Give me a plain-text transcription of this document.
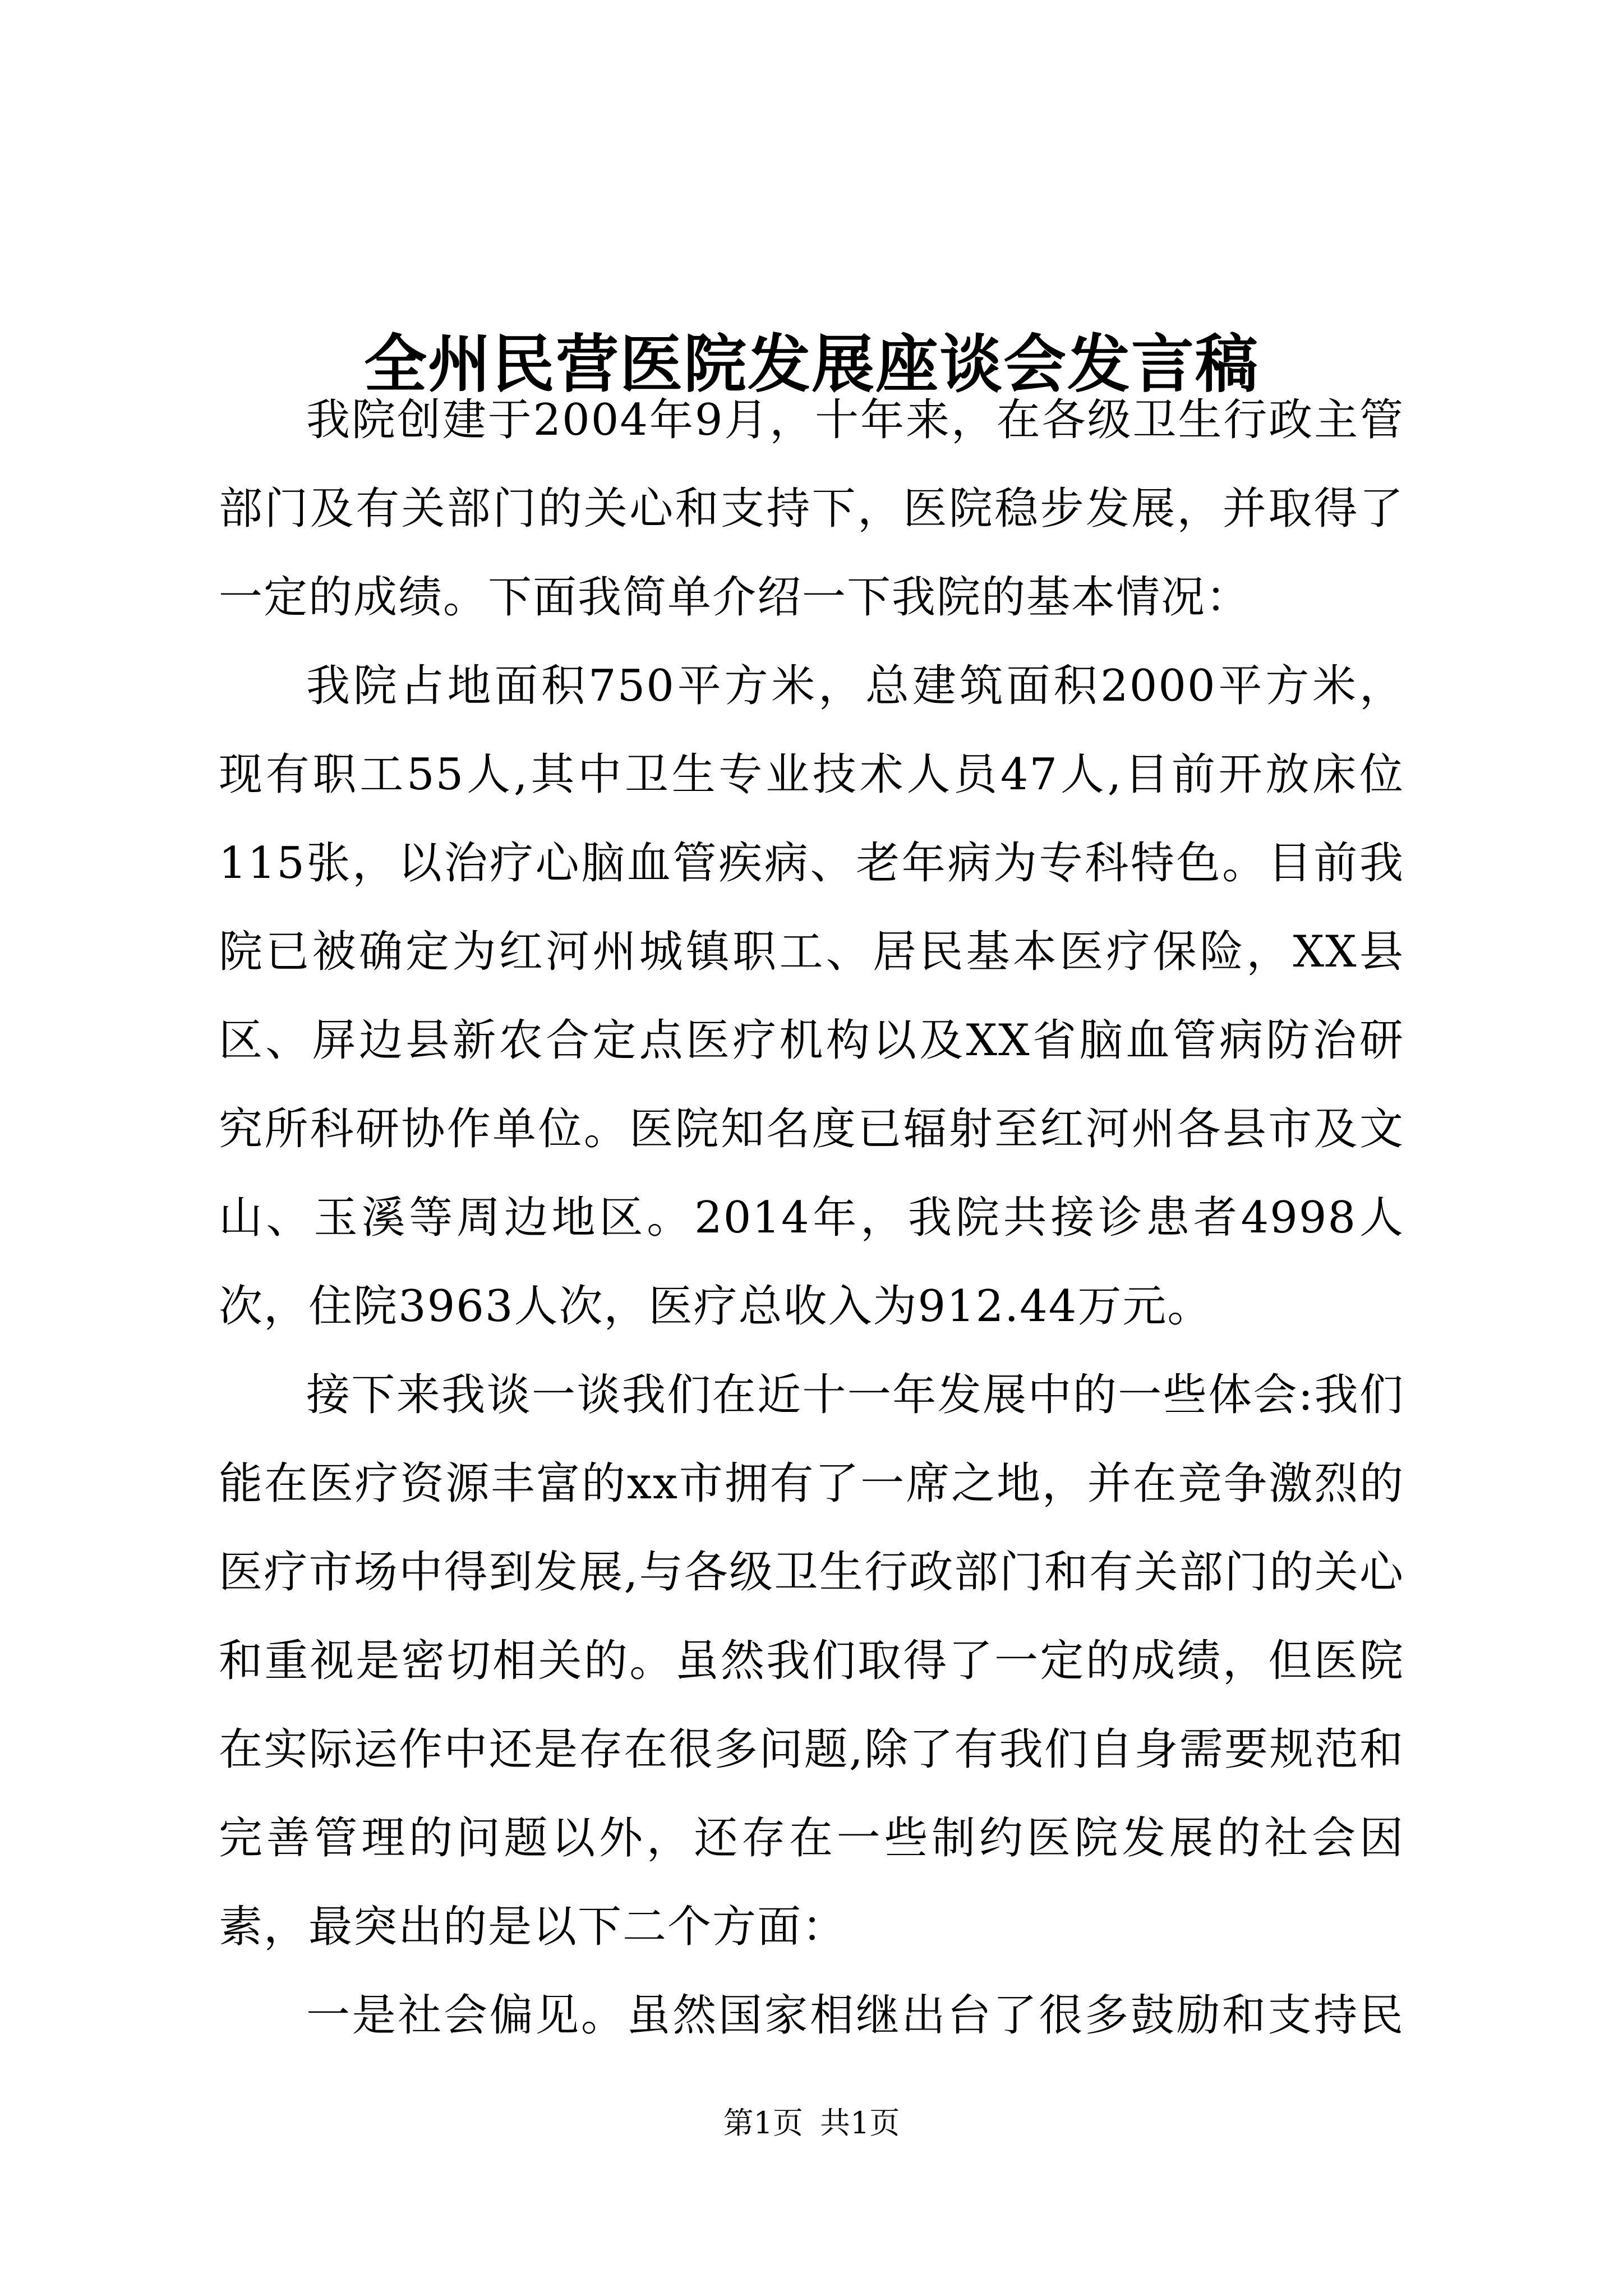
全州民营医院发展座谈会发言稿

我院创建于2004年9月，十年来，在各级卫生行政主管部门及有关部门的关心和支持下，医院稳步发展，并取得了一定的成绩。下面我简单介绍一下我院的基本情况：

我院占地面积750平方米，总建筑面积2000平方米，现有职工55人,其中卫生专业技术人员47人,目前开放床位115张，以治疗心脑血管疾病、老年病为专科特色。目前我院已被确定为红河州城镇职工、居民基本医疗保险，XX县区、屏边县新农合定点医疗机构以及XX省脑血管病防治研究所科研协作单位。医院知名度已辐射至红河州各县市及文山、玉溪等周边地区。2014年，我院共接诊患者4998人次，住院3963人次，医疗总收入为912.44万元。

接下来我谈一谈我们在近十一年发展中的一些体会:我们能在医疗资源丰富的xx市拥有了一席之地，并在竞争激烈的医疗市场中得到发展,与各级卫生行政部门和有关部门的关心和重视是密切相关的。虽然我们取得了一定的成绩，但医院在实际运作中还是存在很多问题,除了有我们自身需要规范和完善管理的问题以外，还存在一些制约医院发展的社会因素，最突出的是以下二个方面：

一是社会偏见。虽然国家相继出台了很多鼓励和支持民

第1页 共1页
